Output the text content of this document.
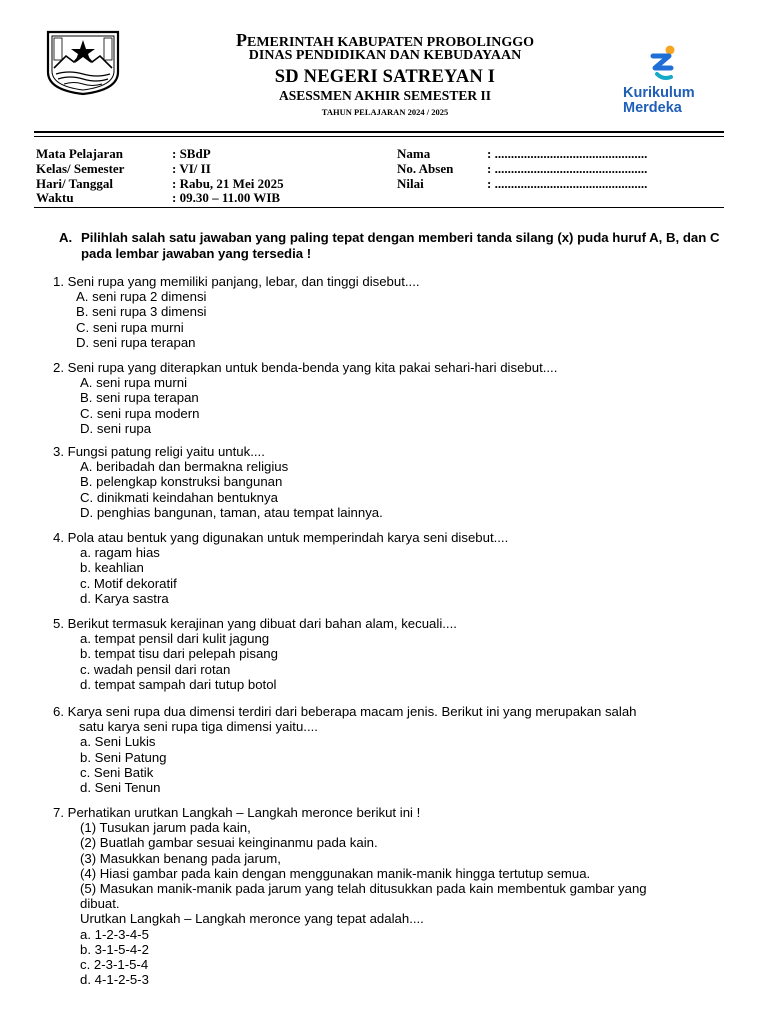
PEMERINTAH KABUPATEN PROBOLINGGO
DINAS PENDIDIKAN DAN KEBUDAYAAN
SD NEGERI SATREYAN I
ASESSMEN AKHIR SEMESTER II
TAHUN PELAJARAN 2024 / 2025
Kurikulum
Merdeka
Mata Pelajaran	: SBdP
Kelas/ Semester	: VI/ II
Hari/ Tanggal	: Rabu, 21 Mei 2025
Waktu	: 09.30 – 11.00 WIB
Nama	: ...............................................
No. Absen	: ...............................................
Nilai	: ...............................................
A. Pilihlah salah satu jawaban yang paling tepat dengan memberi tanda silang (x) puda huruf A, B, dan C pada lembar jawaban yang tersedia !
1. Seni rupa yang memiliki panjang, lebar, dan tinggi disebut....
A. seni rupa 2 dimensi
B. seni rupa 3 dimensi
C. seni rupa murni
D. seni rupa terapan
2. Seni rupa yang diterapkan untuk benda-benda yang kita pakai sehari-hari disebut....
A. seni rupa murni
B. seni rupa terapan
C. seni rupa modern
D. seni rupa
3. Fungsi patung religi yaitu untuk....
A. beribadah dan bermakna religius
B. pelengkap konstruksi bangunan
C. dinikmati keindahan bentuknya
D. penghias bangunan, taman, atau tempat lainnya.
4. Pola atau bentuk yang digunakan untuk memperindah karya seni disebut....
a. ragam hias
b. keahlian
c. Motif dekoratif
d. Karya sastra
5. Berikut termasuk kerajinan yang dibuat dari bahan alam, kecuali....
a. tempat pensil dari kulit jagung
b. tempat tisu dari pelepah pisang
c. wadah pensil dari rotan
d. tempat sampah dari tutup botol
6. Karya seni rupa dua dimensi terdiri dari beberapa macam jenis. Berikut ini yang merupakan salah
satu karya seni rupa tiga dimensi yaitu....
a. Seni Lukis
b. Seni Patung
c. Seni Batik
d. Seni Tenun
7. Perhatikan urutkan Langkah – Langkah meronce berikut ini !
(1) Tusukan jarum pada kain,
(2) Buatlah gambar sesuai keinginanmu pada kain.
(3) Masukkan benang pada jarum,
(4) Hiasi gambar pada kain dengan menggunakan manik-manik hingga tertutup semua.
(5) Masukan manik-manik pada jarum yang telah ditusukkan pada kain membentuk gambar yang
dibuat.
Urutkan Langkah – Langkah meronce yang tepat adalah....
a. 1-2-3-4-5
b. 3-1-5-4-2
c. 2-3-1-5-4
d. 4-1-2-5-3
